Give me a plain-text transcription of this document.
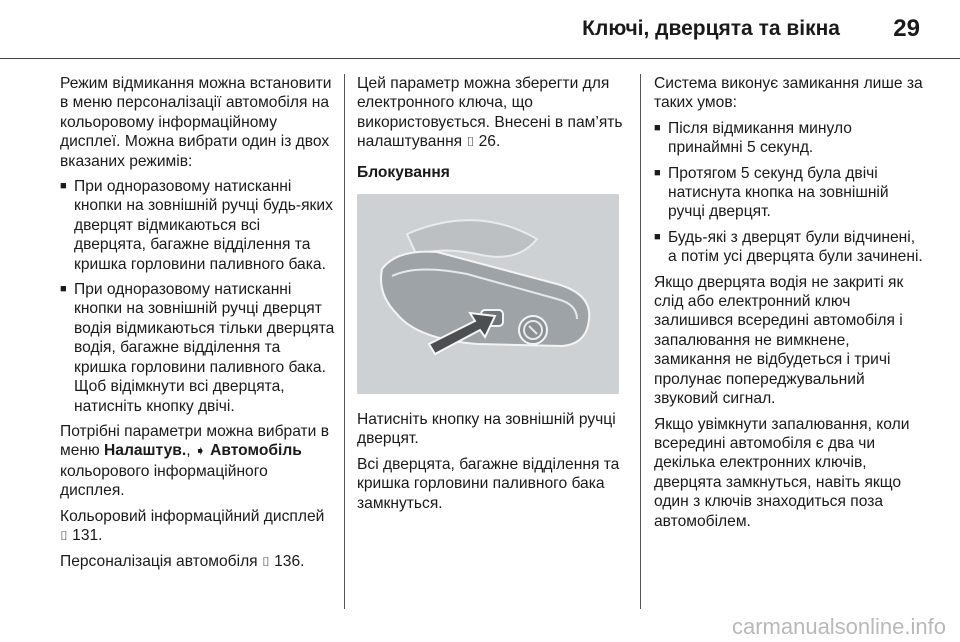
Ключі, дверцята та вікна 29

Режим відмикання можна встановити в меню персоналізації автомобіля на кольоровому інформаційному дисплеї. Можна вибрати один із двох вказаних режимів:

■ При одноразовому натисканні кнопки на зовнішній ручці будь-яких дверцят відмикаються всі дверцята, багажне відділення та кришка горловини паливного бака.
■ При одноразовому натисканні кнопки на зовнішній ручці дверцят водія відмикаються тільки дверцята водія, багажне відділення та кришка горловини паливного бака. Щоб відімкнути всі дверцята, натисніть кнопку двічі.

Потрібні параметри можна вибрати в меню Налаштув., ➧ Автомобіль кольорового інформаційного дисплея.

Кольоровий інформаційний дисплей ⌷ 131.

Персоналізація автомобіля ⌷ 136.

Цей параметр можна зберегти для електронного ключа, що використовується. Внесені в пам’ять налаштування ⌷ 26.

Блокування

Натисніть кнопку на зовнішній ручці дверцят.

Всі дверцята, багажне відділення та кришка горловини паливного бака замкнуться.

Система виконує замикання лише за таких умов:

■ Після відмикання минуло принаймні 5 секунд.
■ Протягом 5 секунд була двічі натиснута кнопка на зовнішній ручці дверцят.
■ Будь-які з дверцят були відчинені, а потім усі дверцята були зачинені.

Якщо дверцята водія не закриті як слід або електронний ключ залишився всередині автомобіля і запалювання не вимкнене, замикання не відбудеться і тричі пролунає попереджувальний звуковий сигнал.

Якщо увімкнути запалювання, коли всередині автомобіля є два чи декілька електронних ключів, дверцята замкнуться, навіть якщо один з ключів знаходиться поза автомобілем.

carmanualsonline.info
